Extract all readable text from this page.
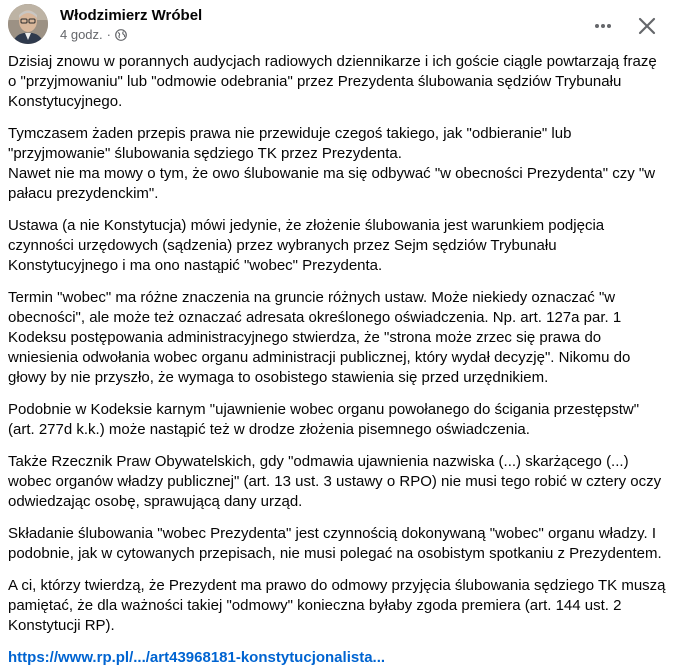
Włodzimierz Wróbel
4 godz. ·

Dzisiaj znowu w porannych audycjach radiowych dziennikarze i ich goście ciągle powtarzają frazę o "przyjmowaniu" lub "odmowie odebrania" przez Prezydenta ślubowania sędziów Trybunału Konstytucyjnego.

Tymczasem żaden przepis prawa nie przewiduje czegoś takiego, jak "odbieranie" lub "przyjmowanie" ślubowania sędziego TK przez Prezydenta.
Nawet nie ma mowy o tym, że owo ślubowanie ma się odbywać "w obecności Prezydenta" czy "w pałacu prezydenckim".

Ustawa (a nie Konstytucja) mówi jedynie, że złożenie ślubowania jest warunkiem podjęcia czynności urzędowych (sądzenia) przez wybranych przez Sejm sędziów Trybunału Konstytucyjnego i ma ono nastąpić "wobec" Prezydenta.

Termin "wobec" ma różne znaczenia na gruncie różnych ustaw. Może niekiedy oznaczać "w obecności", ale może też oznaczać adresata określonego oświadczenia. Np. art. 127a par. 1 Kodeksu postępowania administracyjnego stwierdza, że "strona może zrzec się prawa do wniesienia odwołania wobec organu administracji publicznej, który wydał decyzję". Nikomu do głowy by nie przyszło, że wymaga to osobistego stawienia się przed urzędnikiem.

Podobnie w Kodeksie karnym "ujawnienie wobec organu powołanego do ścigania przestępstw" (art. 277d k.k.) może nastąpić też w drodze złożenia pisemnego oświadczenia.

Także Rzecznik Praw Obywatelskich, gdy "odmawia ujawnienia nazwiska (...) skarżącego (...) wobec organów władzy publicznej" (art. 13 ust. 3 ustawy o RPO) nie musi tego robić w cztery oczy odwiedzając osobę, sprawującą dany urząd.

Składanie ślubowania "wobec Prezydenta" jest czynnością dokonywaną "wobec" organu władzy. I podobnie, jak w cytowanych przepisach, nie musi polegać na osobistym spotkaniu z Prezydentem.

A ci, którzy twierdzą, że Prezydent ma prawo do odmowy przyjęcia ślubowania sędziego TK muszą pamiętać, że dla ważności takiej "odmowy" konieczna byłaby zgoda premiera (art. 144 ust. 2 Konstytucji RP).

https://www.rp.pl/.../art43968181-konstytucjonalista...
